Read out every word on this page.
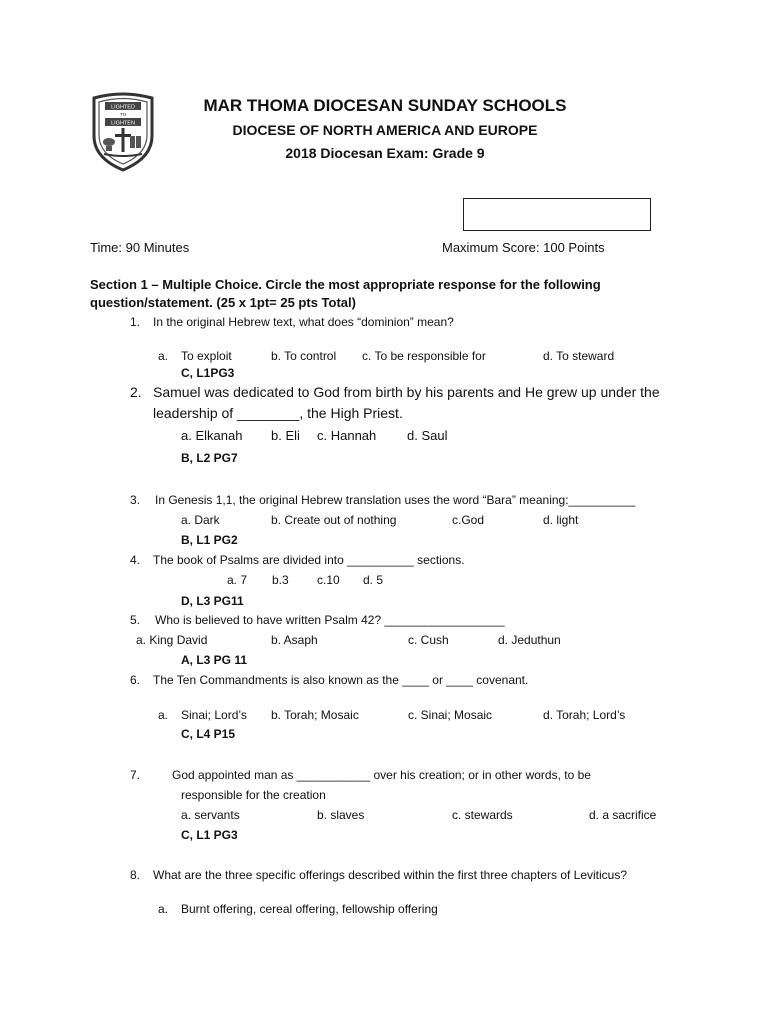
LIGHTED
TO
LIGHTEN
MAR THOMA DIOCESAN SUNDAY SCHOOLS
DIOCESE OF NORTH AMERICA AND EUROPE
2018 Diocesan Exam: Grade 9
Time: 90 Minutes	Maximum Score: 100 Points
Section 1 – Multiple Choice. Circle the most appropriate response for the following
question/statement. (25 x 1pt= 25 pts Total)
1. In the original Hebrew text, what does “dominion” mean?
a. To exploit	b. To control c. To be responsible for	d. To steward
C, L1PG3
2. Samuel was dedicated to God from birth by his parents and He grew up under the
leadership of ________, the High Priest.
a. Elkanah b. Eli c. Hannah d. Saul
B, L2 PG7
3. In Genesis 1,1, the original Hebrew translation uses the word “Bara” meaning:__________
a. Dark	b. Create out of nothing	c.God	d. light
B, L1 PG2
4. The book of Psalms are divided into __________ sections.
a. 7 b.3 c.10 d. 5
D, L3 PG11
5. Who is believed to have written Psalm 42? __________________
a. King David	b. Asaph	c. Cush	d. Jeduthun
A, L3 PG 11
6. The Ten Commandments is also known as the ____ or ____ covenant.
a. Sinai; Lord’s b. Torah; Mosaic	c. Sinai; Mosaic	d. Torah; Lord’s
C, L4 P15
7.	God appointed man as ___________ over his creation; or in other words, to be
responsible for the creation
a. servants	b. slaves	c. stewards	d. a sacrifice
C, L1 PG3
8. What are the three specific offerings described within the first three chapters of Leviticus?
a. Burnt offering, cereal offering, fellowship offering
